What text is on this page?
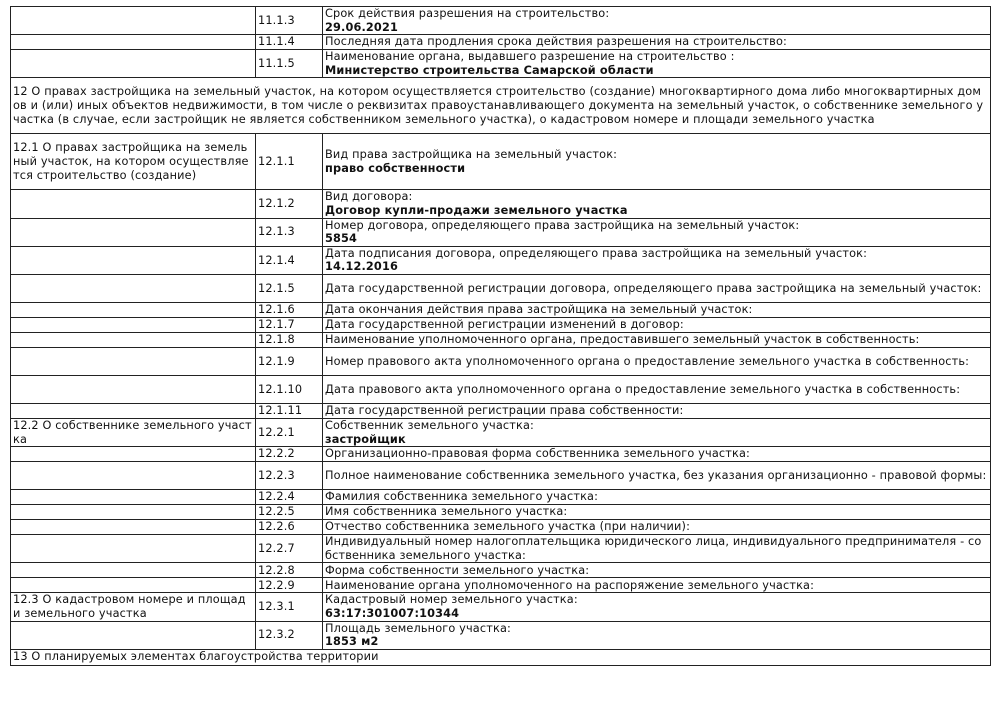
	11.1.3	Срок действия разрешения на строительство:
29.06.2021

	11.1.4	Последняя дата продления срока действия разрешения на строительство:

	11.1.5	Наименование органа, выдавшего разрешение на строительство :
Министерство строительства Самарской области

12 О правах застройщика на земельный участок, на котором осуществляется строительство (создание) многоквартирного дома либо многоквартирных домов и (или) иных объектов недвижимости, в том числе о реквизитах правоустанавливающего документа на земельный участок, о собственнике земельного участка (в случае, если застройщик не является собственником земельного участка), о кадастровом номере и площади земельного участка		
12.1 О правах застройщика на земельный участок, на котором осуществляется строительство (создание)	12.1.1	Вид права застройщика на земельный участок:
право собственности

	12.1.2	Вид договора:
Договор купли-продажи земельного участка

	12.1.3	Номер договора, определяющего права застройщика на земельный участок:
5854

	12.1.4	Дата подписания договора, определяющего права застройщика на земельный участок:
14.12.2016

	12.1.5	Дата государственной регистрации договора, определяющего права застройщика на земельный участок:

	12.1.6	Дата окончания действия права застройщика на земельный участок:

	12.1.7	Дата государственной регистрации изменений в договор:

	12.1.8	Наименование уполномоченного органа, предоставившего земельный участок в собственность:

	12.1.9	Номер правового акта уполномоченного органа о предоставление земельного участка в собственность:

	12.1.10	Дата правового акта уполномоченного органа о предоставление земельного участка в собственность:

	12.1.11	Дата государственной регистрации права собственности:

12.2 О собственнике земельного участка	12.2.1	Собственник земельного участка:
застройщик

	12.2.2	Организационно-правовая форма собственника земельного участка:

	12.2.3	Полное наименование собственника земельного участка, без указания организационно - правовой формы:

	12.2.4	Фамилия собственника земельного участка:

	12.2.5	Имя собственника земельного участка:

	12.2.6	Отчество собственника земельного участка (при наличии):

	12.2.7	Индивидуальный номер налогоплательщика юридического лица, индивидуального предпринимателя - собственника земельного участка:

	12.2.8	Форма собственности земельного участка:

	12.2.9	Наименование органа уполномоченного на распоряжение земельного участка:

12.3 О кадастровом номере и площади земельного участка	12.3.1	Кадастровый номер земельного участка:
63:17:301007:10344

	12.3.2	Площадь земельного участка:
1853 м2

13 О планируемых элементах благоустройства территории		
